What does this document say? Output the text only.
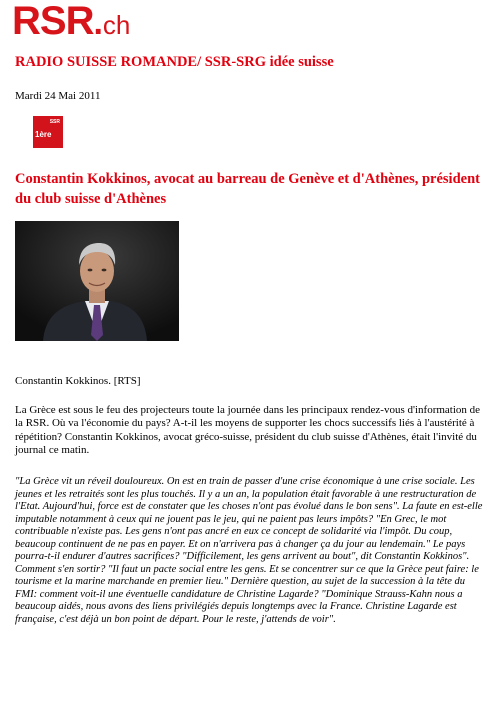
RSR.ch
RADIO SUISSE ROMANDE/ SSR-SRG idée suisse
Mardi 24 Mai 2011
SSR
1ère
Constantin Kokkinos, avocat au barreau de Genève et d'Athènes, président du club suisse d'Athènes
Constantin Kokkinos. [RTS]

La Grèce est sous le feu des projecteurs toute la journée dans les principaux rendez-vous d'information de la RSR. Où va l'économie du pays? A-t-il les moyens de supporter les chocs successifs liés à l'austérité à répétition? Constantin Kokkinos, avocat gréco-suisse, président du club suisse d'Athènes, était l'invité du journal ce matin.

"La Grèce vit un réveil douloureux. On est en train de passer d'une crise économique à une crise sociale. Les jeunes et les retraités sont les plus touchés. Il y a un an, la population était favorable à une restructuration de l'Etat. Aujourd'hui, force est de constater que les choses n'ont pas évolué dans le bon sens". La faute en est-elle imputable notamment à ceux qui ne jouent pas le jeu, qui ne paient pas leurs impôts? "En Grec, le mot contribuable n'existe pas. Les gens n'ont pas ancré en eux ce concept de solidarité via l'impôt. Du coup, beaucoup continuent de ne pas en payer. Et on n'arrivera pas à changer ça du jour au lendemain." Le pays pourra-t-il endurer d'autres sacrifices? "Difficilement, les gens arrivent au bout", dit Constantin Kokkinos". Comment s'en sortir? "Il faut un pacte social entre les gens. Et se concentrer sur ce que la Grèce peut faire: le tourisme et la marine marchande en premier lieu." Dernière question, au sujet de la succession à la tête du FMI: comment voit-il une éventuelle candidature de Christine Lagarde? "Dominique Strauss-Kahn nous a beaucoup aidés, nous avons des liens privilégiés depuis longtemps avec la France. Christine Lagarde est française, c'est déjà un bon point de départ. Pour le reste, j'attends de voir".
